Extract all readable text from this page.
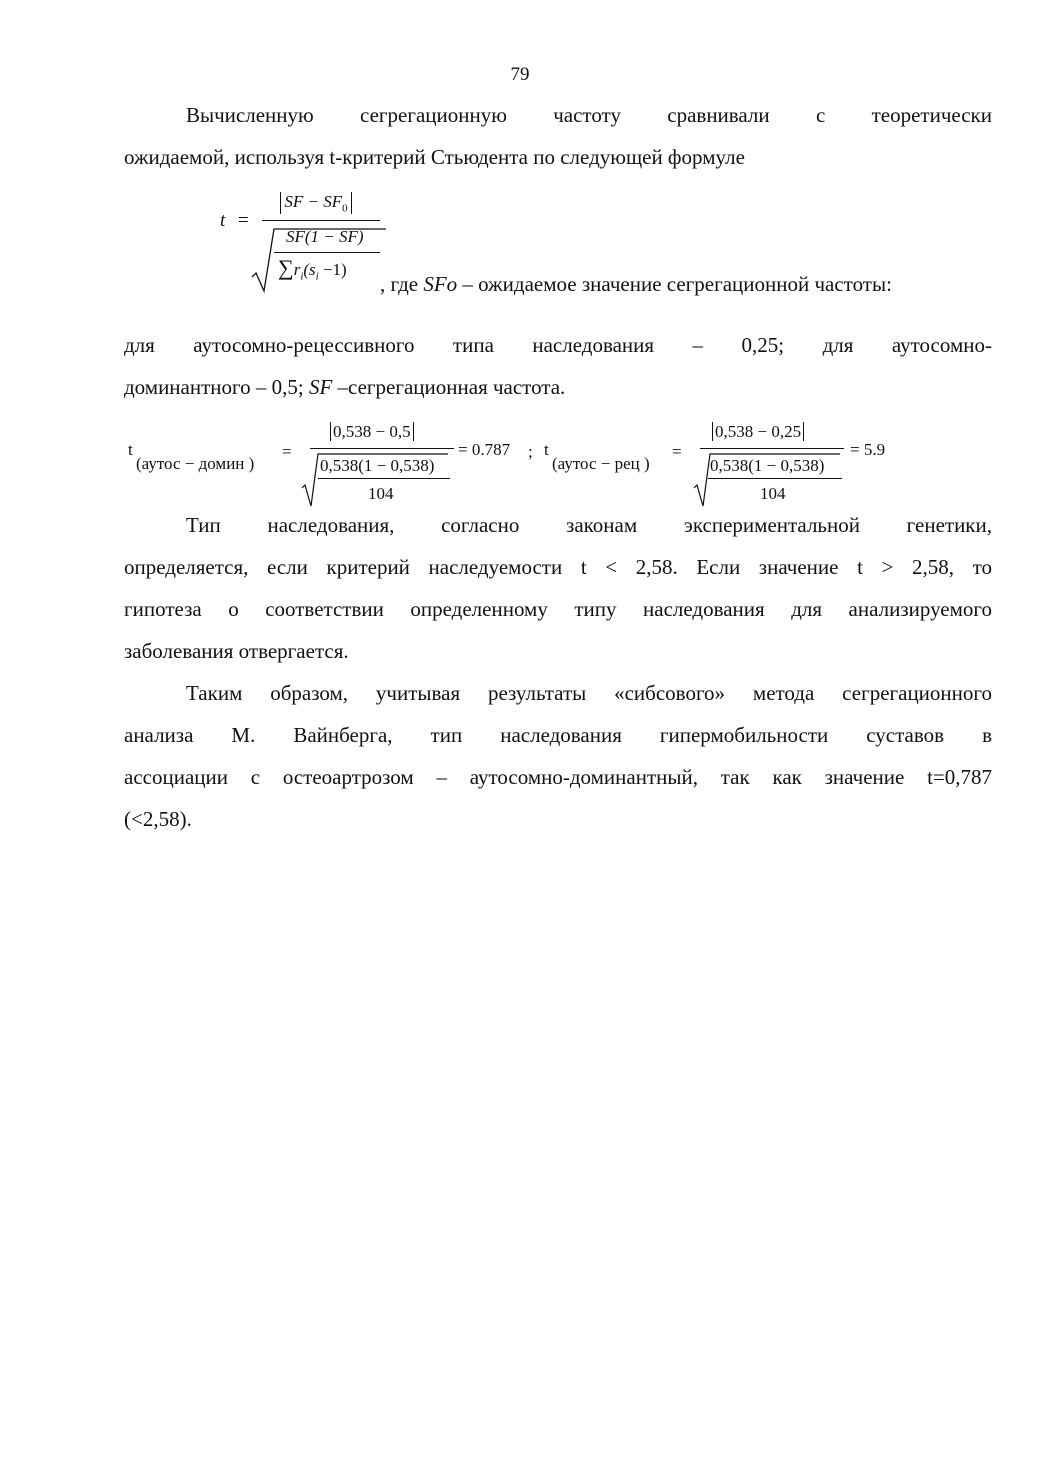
79
Вычисленную сегрегационную частоту сравнивали с теоретически
ожидаемой, используя t-критерий Стьюдента по следующей формуле
t =
SF − $SF_0$
SF(1 − SF)
$\sum r_i(s_i -1)$
, где SFo – ожидаемое значение сегрегационной частоты:
для аутосомно-рецессивного типа наследования – 0,25; для аутосомно-
доминантного – 0,5; SF –сегрегационная частота.
t
(аутос − домин )
=
0,538 − 0,5
0,538(1 − 0,538)
104
= 0.787 ; t
(аутос − рец )
=
0,538 − 0,25
0,538(1 − 0,538)
104
= 5.9
Тип наследования, согласно законам экспериментальной генетики,
определяется, если критерий наследуемости t < 2,58. Если значение t > 2,58, то
гипотеза о соответствии определенному типу наследования для анализируемого
заболевания отвергается.
Таким образом, учитывая результаты «сибсового» метода сегрегационного
анализа М. Вайнберга, тип наследования гипермобильности суставов в
ассоциации с остеоартрозом – аутосомно-доминантный, так как значение t=0,787
(<2,58).
